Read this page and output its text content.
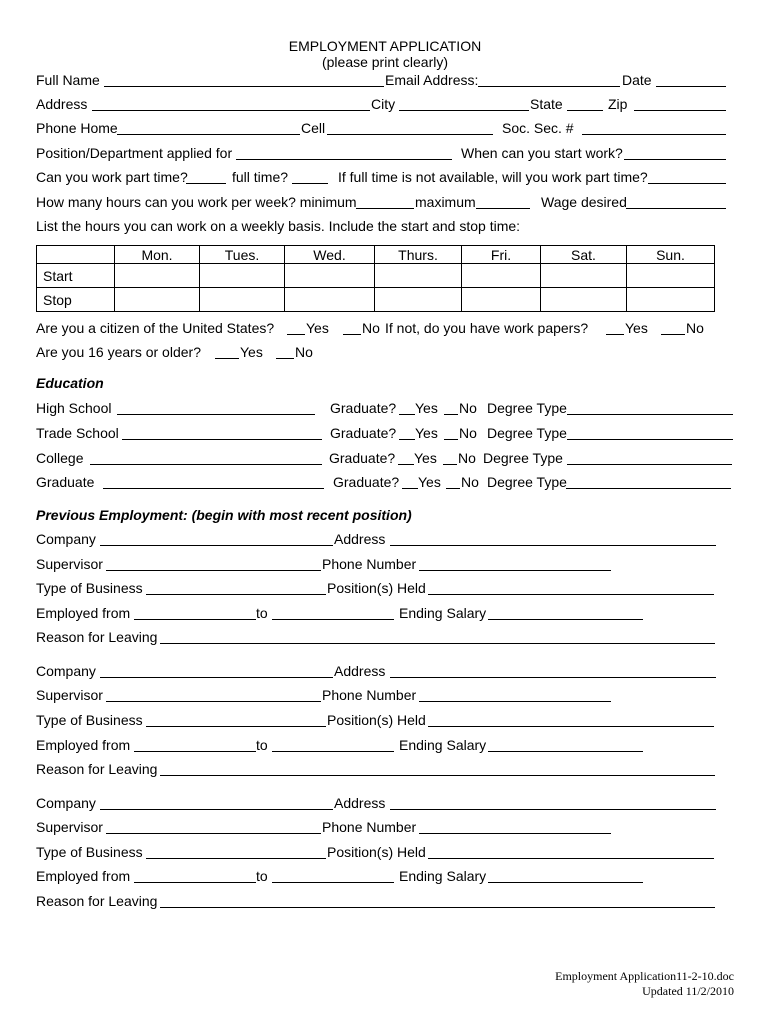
EMPLOYMENT APPLICATION
(please print clearly)
Full Name	Email Address:	Date
Address	City	State	Zip
Phone Home	Cell	Soc. Sec. #
Position/Department applied for	When can you start work?
Can you work part time?	full time?	If full time is not available, will you work part time?
How many hours can you work per week? minimum	maximum	Wage desired
List the hours you can work on a weekly basis. Include the start and stop time:
	Mon.	Tues.	Wed.	Thurs.	Fri.	Sat.	Sun.
Start							
Stop							
Are you a citizen of the United States? Yes No If not, do you have work papers?	Yes	No
Are you 16 years or older?	Yes No
Education
High School	Graduate? Yes No Degree Type
Trade School	Graduate? Yes No Degree Type
College	Graduate? Yes No Degree Type
Graduate	Graduate? Yes No Degree Type
Previous Employment: (begin with most recent position)
Company	Address
Supervisor	Phone Number
Type of Business	Position(s) Held
Employed from	to	Ending Salary
Reason for Leaving
Company	Address
Supervisor	Phone Number
Type of Business	Position(s) Held
Employed from	to	Ending Salary
Reason for Leaving
Company	Address
Supervisor	Phone Number
Type of Business	Position(s) Held
Employed from	to	Ending Salary
Reason for Leaving
Employment Application11-2-10.doc
Updated 11/2/2010
